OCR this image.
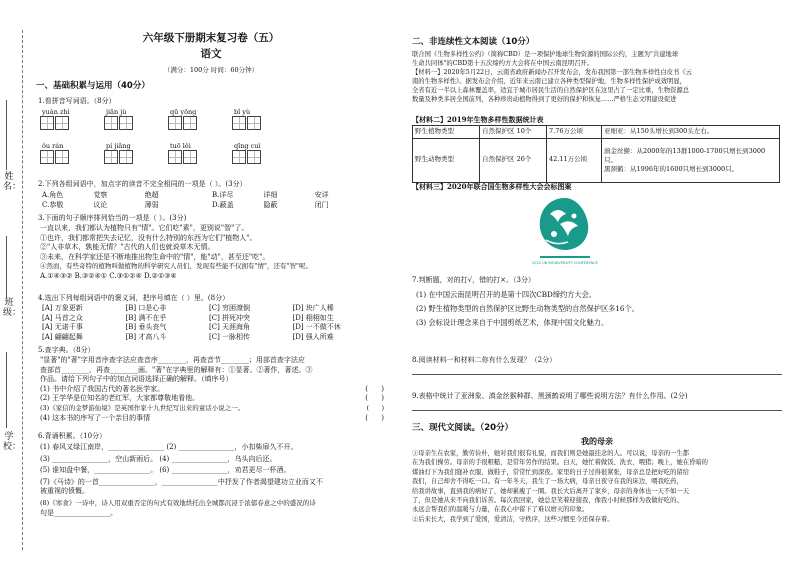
姓名：
班级：
学校：
六年级下册期末复习卷（五）
语文
（满分：100分 时间：60分钟）
一、基础积累与运用（40分）
1.看拼音写词语。（8分）
yuàn zhì	jiān jù	qū yōng	bǐ yù
ǒu rán	pí jiǎng	tuō lěi	qīng cuì
2.下列各组词语中，加点字的读音不完全相同的一项是（ ）。(3分）
A.角色	觉察	绝超	B.详尽	详细	安详
C.恭敬	议论	薄弱	D.蔽盖	隐蔽	闭门
3.下面的句子顺序排列恰当的一项是（ ）。(3分)
一直以来，我们都认为植物只有"情"。它们吃"素"，更别说"智"了。
①也许，我们都常把失去记忆，没有什么特别的东西为它们"植物人"。
②"人非草木，孰能无情？"古代的人们也就说草木无情。
③未来，在科学家还是不断地推出物生命中的"情"，能"动"，甚至还"吃"。
④然而，有些奇特的植物叫做植物的科学研究人员们，发现有些能不仅拥有"情"，还有"智"呢。
A.①④③② B.③②④① C.③①②④ D.②①③④
4.选出下列每组词语中的褒义词，把序号填在（ ）里。(8分）
[A] 万象更新	[B] 口是心非	[C] 穷困潦倒	[D] 块广人稀
[A] 马首之众	[B] 满不在乎	[C] 拼死冲突	[D] 栩栩如生
[A] 无诺千事	[B] 垂头丧气	[C] 天涯海角	[D] 一不做不休
[A] 翩翩起舞	[B] 才高八斗	[C] 一脉相传	[D] 强人所难
5.查字典。（8分）
"显著"的"著"字用音序查字法应查音序________，再查音节________；用部首查字法应
查部首________，再查________画。"著"在字典里的解释有：①显著。②著作，著述。③
作品。请给下列句子中的加点词语选择正确的解释。（填序号）
(1) 书中介绍了我国古代的著名医学家。	(      )
(2) 王学华是位知名的老红军，大家都尊敬地看他。	(      )
(3)《家信的金梦游仙境》是英国作家十九世纪写出来的童话小说之一。	(      )
(4) 这本书的序写了一个亲目的事情	(      )
6.背诵积累。（10分）
(1) 春风又绿江南岸，________________ (2) ________________，小扣柴扉久不开。
(3) ________________，空山新雨后。 (4) ________________，乌头向后还。
(5) 谁知盘中餐，________________。 (6) ________________，劝君更尽一杯酒。
(7)《马诗》的一首________________，________________中抒发了作者渴望建功立业而又不
被重视的愤慨。
(8)《寒食》一诗中，诗人用双重否定的句式有效地烘托出全城都沉浸于浓郁春意之中的盛况的诗
句是________________。
二、非连续性文本阅读（10分）
联合国《生物多样性公约》（简称CBD）是一项保护地球生物资源的国际公约，主题为"共建地球
生命共同体"的CBD第十五次缔约方大会将在中国云南昆明召开。
【材料一】2020年5月22日，云南省政府新闻办召开发布会，发布我国第一部生物多样性白皮书《云
南的生物多样性》。据发布会介绍，近年来云南已建立各种类型保护地，生物多样性保护成效明显，
全省有近一半以上森林覆盖率，适宜于城市居民生活的自然保护区在这里占了一定比重，生物资源总
数量及种类多居全国前列，各种珍贵动植物得到了更好的保护和恢复……严格生态文明建设促进
【材料二】2019年生物多样性数据统计表
野生植物类型	自然保护区 10个	7.76万公顷	亚细亚：从150头增长到300头左右。
野生动物类型	自然保护区 26个	42.11万公顷	滇金丝猴：从2000年的13群1000-1700只增长到3000只。
黑颈鹤：从1996年的1600只增长到3000只。
【材料三】2020年联合国生物多样性大会会标图案
2020 UN BIODIVERSITY CONFERENCE
7.判断题，对的打√，错的打×。（3分）
(1) 在中国云南昆明召开的是第十四次CBD缔约方大会。
(2) 野生植物类型的自然保护区比野生动物类型的自然保护区多16个。
(3) 会标设计理念来自于中国剪纸艺术，体现中国文化魅力。
8.阅读材料一和材料二你有什么发现？（2分）
9.表格中统计了亚洲象、滇金丝猴种群、黑颈鹤说明了哪些说明方法？有什么作用。(2分)
三、现代文阅读。（20分）
我的母亲
①母亲生在农家，勤劳俭朴，她对我们很有礼貌，而我们则是她最挂念的人。可以说，母亲的一生都
在为我们操劳。母亲的手很粗糙，是常年劳作的结果。白天，她忙着做饭、洗衣、喂猪；晚上，她在昏暗的
煤油灯下为我们缝补衣服、做鞋子，常常忙到深夜。家里的日子过得很紧张，母亲总是把好吃的留给
我们，自己却舍不得吃一口。有一年冬天，我生了一场大病，母亲日夜守在我的床边，喂我吃药，
给我讲故事，直到我的病好了，她却累瘦了一圈。我长大后离开了家乡，母亲的身体也一天不如一天
了，但是她从来不向我们诉苦。每次我回家，她总是笑着迎接我，像我小时候那样为我做好吃的。
永远会帮我们的温暖与力量，在我心中留下了难以磨灭的印象。
②后来长大，我学到了爱国，爱清洁，守秩序，这些习惯至今还保存着。
